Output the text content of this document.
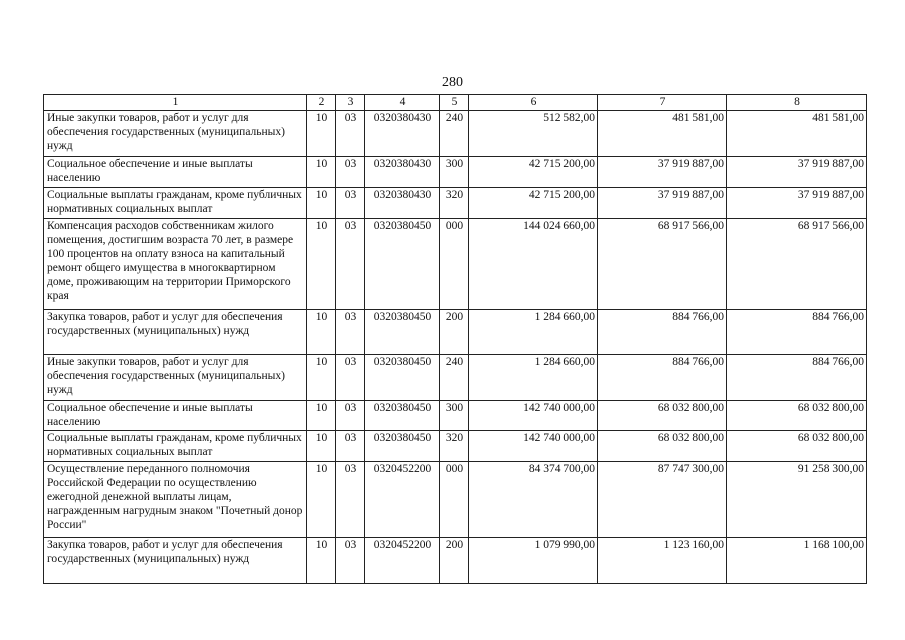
280
1	2	3	4	5	6	7	8
Иные закупки товаров, работ и услуг для обеспечения государственных (муниципальных) нужд	10	03	0320380430	240	512 582,00	481 581,00	481 581,00
Социальное обеспечение и иные выплаты населению	10	03	0320380430	300	42 715 200,00	37 919 887,00	37 919 887,00
Социальные выплаты гражданам, кроме публичных нормативных социальных выплат	10	03	0320380430	320	42 715 200,00	37 919 887,00	37 919 887,00
Компенсация расходов собственникам жилого помещения, достигшим возраста 70 лет, в размере 100 процентов на оплату взноса на капитальный ремонт общего имущества в многоквартирном доме, проживающим на территории Приморского края	10	03	0320380450	000	144 024 660,00	68 917 566,00	68 917 566,00
Закупка товаров, работ и услуг для обеспечения государственных (муниципальных) нужд	10	03	0320380450	200	1 284 660,00	884 766,00	884 766,00
Иные закупки товаров, работ и услуг для обеспечения государственных (муниципальных) нужд	10	03	0320380450	240	1 284 660,00	884 766,00	884 766,00
Социальное обеспечение и иные выплаты населению	10	03	0320380450	300	142 740 000,00	68 032 800,00	68 032 800,00
Социальные выплаты гражданам, кроме публичных нормативных социальных выплат	10	03	0320380450	320	142 740 000,00	68 032 800,00	68 032 800,00
Осуществление переданного полномочия Российской Федерации по осуществлению ежегодной денежной выплаты лицам, награжденным нагрудным знаком "Почетный донор России"	10	03	0320452200	000	84 374 700,00	87 747 300,00	91 258 300,00
Закупка товаров, работ и услуг для обеспечения государственных (муниципальных) нужд	10	03	0320452200	200	1 079 990,00	1 123 160,00	1 168 100,00
